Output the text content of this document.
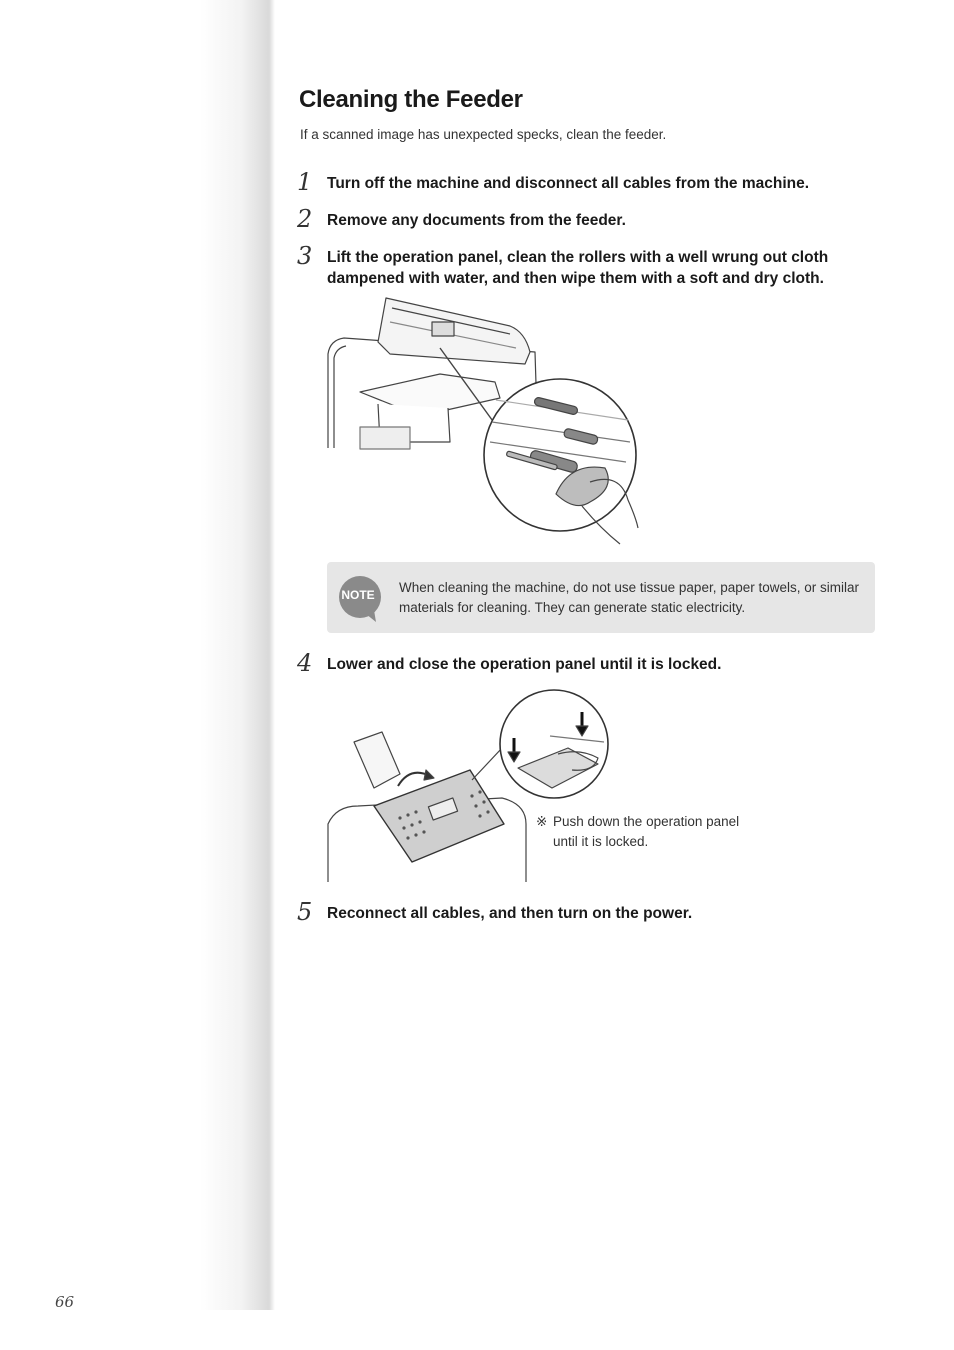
Cleaning the Feeder
If a scanned image has unexpected specks, clean the feeder.
1 Turn off the machine and disconnect all cables from the machine.
2 Remove any documents from the feeder.
3 Lift the operation panel, clean the rollers with a well wrung out cloth dampened with water, and then wipe them with a soft and dry cloth.
NOTE	When cleaning the machine, do not use tissue paper, paper towels, or similar materials for cleaning. They can generate static electricity.
4 Lower and close the operation panel until it is locked.
※ Push down the operation panel until it is locked.
5 Reconnect all cables, and then turn on the power.
66
